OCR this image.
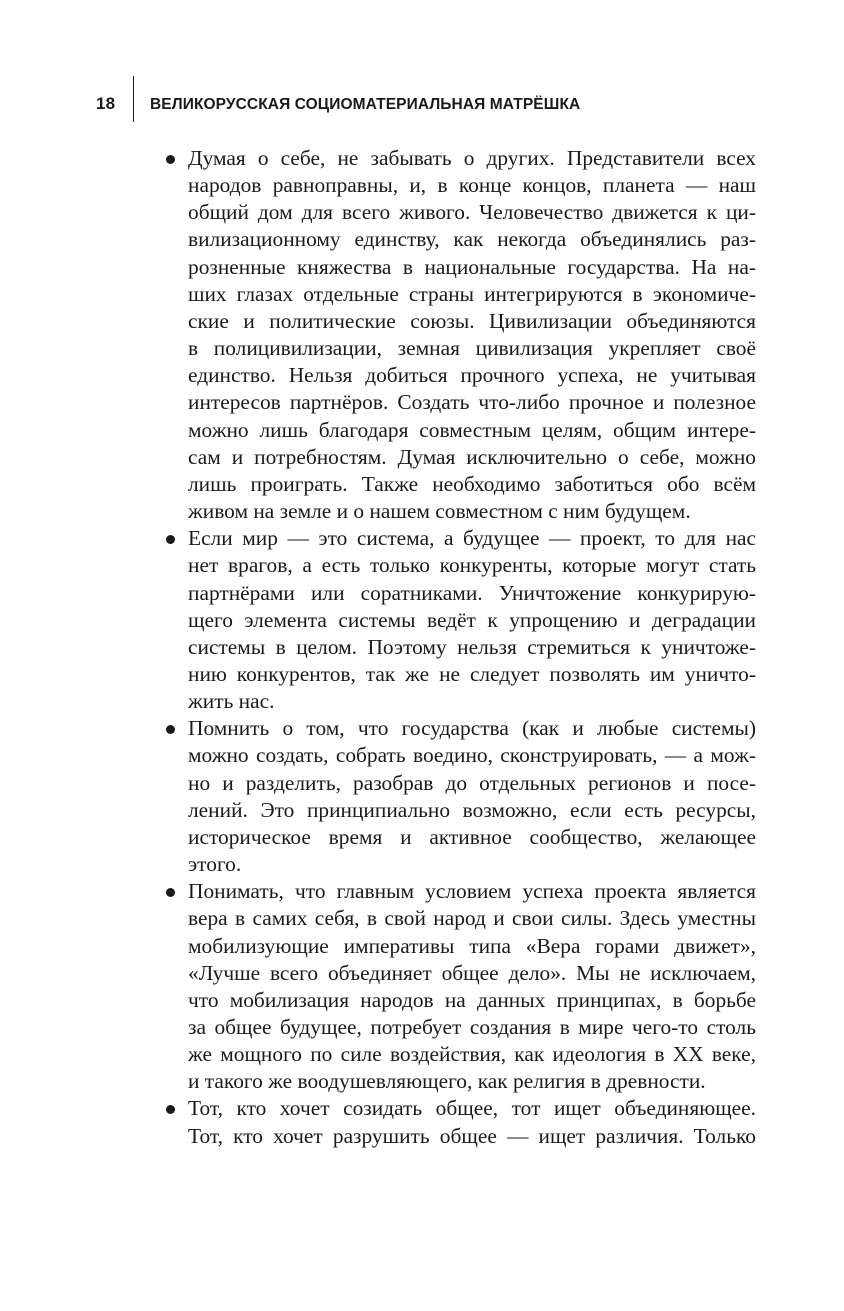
18 ВЕЛИКОРУССКАЯ СОЦИОМАТЕРИАЛЬНАЯ МАТРЁШКА
Думая о себе, не забывать о других. Представители всех
народов равноправны, и, в конце концов, планета — наш
общий дом для всего живого. Человечество движется к ци-
вилизационному единству, как некогда объединялись раз-
розненные княжества в национальные государства. На на-
ших глазах отдельные страны интегрируются в экономиче-
ские и политические союзы. Цивилизации объединяются
в полицивилизации, земная цивилизация укрепляет своё
единство. Нельзя добиться прочного успеха, не учитывая
интересов партнёров. Создать что-либо прочное и полезное
можно лишь благодаря совместным целям, общим интере-
сам и потребностям. Думая исключительно о себе, можно
лишь проиграть. Также необходимо заботиться обо всём
живом на земле и о нашем совместном с ним будущем.
Если мир — это система, а будущее — проект, то для нас
нет врагов, а есть только конкуренты, которые могут стать
партнёрами или соратниками. Уничтожение конкурирую-
щего элемента системы ведёт к упрощению и деградации
системы в целом. Поэтому нельзя стремиться к уничтоже-
нию конкурентов, так же не следует позволять им уничто-
жить нас.
Помнить о том, что государства (как и любые системы)
можно создать, собрать воедино, сконструировать, — а мож-
но и разделить, разобрав до отдельных регионов и посе-
лений. Это принципиально возможно, если есть ресурсы,
историческое время и активное сообщество, желающее
этого.
Понимать, что главным условием успеха проекта является
вера в самих себя, в свой народ и свои силы. Здесь уместны
мобилизующие императивы типа «Вера горами движет»,
«Лучше всего объединяет общее дело». Мы не исключаем,
что мобилизация народов на данных принципах, в борьбе
за общее будущее, потребует создания в мире чего-то столь
же мощного по силе воздействия, как идеология в XX веке,
и такого же воодушевляющего, как религия в древности.
Тот, кто хочет созидать общее, тот ищет объединяющее.
Тот, кто хочет разрушить общее — ищет различия. Только
